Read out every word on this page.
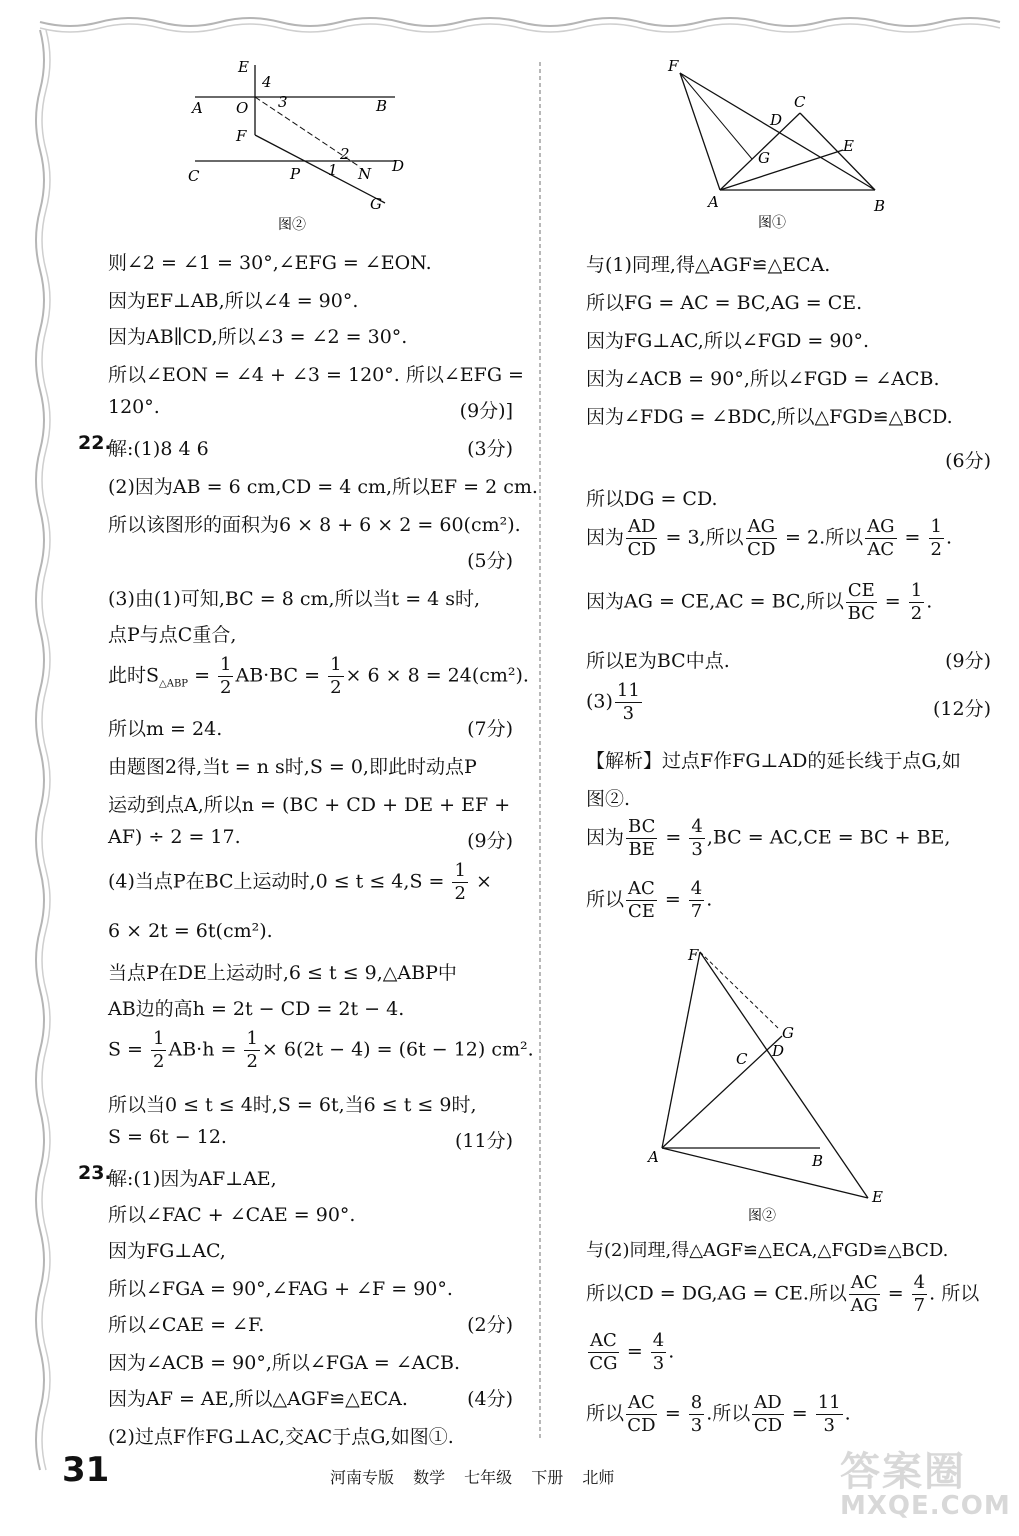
E
4
A O 3	B
F
2
D
C	P 1 N
G
图②
F
C
D
G
E
A	B
图①
F
G
C D
A	B
E
图②
则∠2 = ∠1 = 30°,∠EFG = ∠EON.
因为EF⊥AB,所以∠4 = 90°.
因为AB∥CD,所以∠3 = ∠2 = 30°.
所以∠EON = ∠4 + ∠3 = 120°. 所以∠EFG =
120°.	(9分)]
22.
解:(1)8 4 6	(3分)
(2)因为AB = 6 cm,CD = 4 cm,所以EF = 2 cm.
所以该图形的面积为6 × 8 + 6 × 2 = 60(cm²).
(5分)
(3)由(1)可知,BC = 8 cm,所以当t = 4 s时,
点P与点C重合,
此时$S_{\triangle ABP} = \frac{1}{2} AB\cdot BC = \frac{1}{2} \times 6 \times 8 = 24(cm^2)$.
所以m = 24.	(7分)
由题图2得,当t = n s时,S = 0,即此时动点P
运动到点A,所以n = (BC + CD + DE + EF +
AF) ÷ 2 = 17.	(9分)
(4)当点P在BC上运动时$,0 \le t \le 4,S = \frac{1}{2}$ ×
6 × 2t = 6t(cm²).
当点P在DE上运动时,6 ≤ t ≤ 9,△ABP中
AB边的高h = 2t − CD = 2t − 4.
$S = \frac{1}{2} AB\cdot h = \frac{1}{2} \times 6(2t - 4) = (6t - 12)$ cm².
所以当0 ≤ t ≤ 4时,S = 6t,当6 ≤ t ≤ 9时,
S = 6t − 12.	(11分)
23.
解:(1)因为AF⊥AE,
所以∠FAC + ∠CAE = 90°.
因为FG⊥AC,
所以∠FGA = 90°,∠FAG + ∠F = 90°.
所以∠CAE = ∠F.	(2分)
因为∠ACB = 90°,所以∠FGA = ∠ACB.
因为AF = AE,所以△AGF≌△ECA.	(4分)
(2)过点F作FG⊥AC,交AC于点G,如图①.
与(1)同理,得△AGF≌△ECA.
所以FG = AC = BC,AG = CE.
因为FG⊥AC,所以∠FGD = 90°.
因为∠ACB = 90°,所以∠FGD = ∠ACB.
因为∠FDG = ∠BDC,所以△FGD≌△BCD.
(6分)
所以DG = CD.
因为 $\frac{AD}{CD} = 3$,所以 $\frac{AG}{CD} = 2$.所以 $\frac{AG}{AC} = \frac{1}{2}$ .
因为AG = CE,AC = BC,所以 $\frac{CE}{BC} = \frac{1}{2}$ .
所以E为BC中点.	(9分)
$(3) \frac{11}{3}$	(12分)
【解析】过点F作FG⊥AD的延长线于点G,如
图②.
因为 $\frac{BC}{BE} = \frac{4}{3} ,BC = AC,CE$ = BC + BE,
所以 $\frac{AC}{CE} = \frac{4}{7}$ .
与(2)同理,得△AGF≌△ECA,△FGD≌△BCD.
所以CD = DG,AG = CE.所以 $\frac{AC}{AG} = \frac{4}{7}$ . 所以
$\frac{AC}{CG} = \frac{4}{3}$ .
所以 $\frac{AC}{CD} = \frac{8}{3}$ .所以 $\frac{AD}{CD} = \frac{11}{3}$ .
31	河南专版 数学 七年级 下册 北师	答案圈
MXQE.COM
